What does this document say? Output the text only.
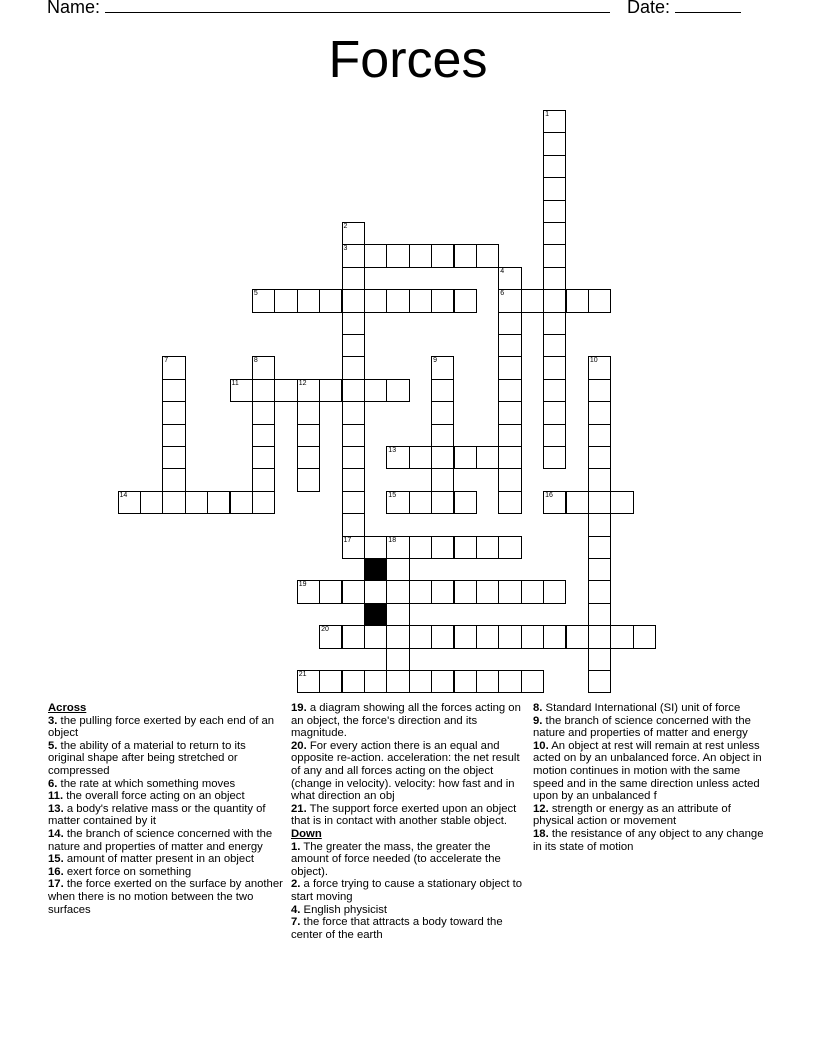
Name:	Date:
Forces
1
2
3
4
6
5
7	8	9	10
11	12
13
14	15	16
17	18
19
20
21

Across

3. the pulling force exerted by each end of an object

5. the ability of a material to return to its original shape after being stretched or compressed

6. the rate at which something moves

11. the overall force acting on an object

13. a body's relative mass or the quantity of matter contained by it

14. the branch of science concerned with the nature and properties of matter and energy

15. amount of matter present in an object

16. exert force on something

17. the force exerted on the surface by another when there is no motion between the two surfaces

19. a diagram showing all the forces acting on an object, the force's direction and its magnitude.

20. For every action there is an equal and opposite re-action. acceleration: the net result of any and all forces acting on the object (change in velocity). velocity: how fast and in what direction an obj

21. The support force exerted upon an object that is in contact with another stable object.

Down

1. The greater the mass, the greater the amount of force needed (to accelerate the object).

2. a force trying to cause a stationary object to start moving

4. English physicist

7. the force that attracts a body toward the center of the earth

8. Standard International (SI) unit of force

9. the branch of science concerned with the nature and properties of matter and energy

10. An object at rest will remain at rest unless acted on by an unbalanced force. An object in motion continues in motion with the same speed and in the same direction unless acted upon by an unbalanced f

12. strength or energy as an attribute of physical action or movement

18. the resistance of any object to any change in its state of motion
